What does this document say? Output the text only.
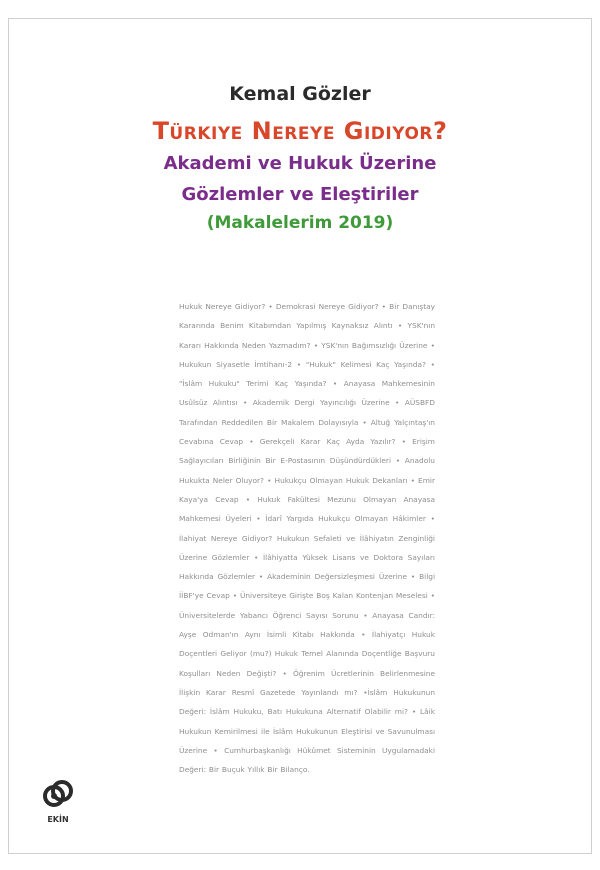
Kemal Gözler
Türkiye Nereye Gidiyor?
Akademi ve Hukuk Üzerine
Gözlemler ve Eleştiriler
(Makalelerim 2019)
Hukuk Nereye Gidiyor? • Demokrasi Nereye Gidiyor? • Bir Danıştay Kararında Benim Kitabımdan Yapılmış Kaynaksız Alıntı • YSK'nın Kararı Hakkında Neden Yazmadım? • YSK'nın Bağımsızlığı Üzerine • Hukukun Siyasetle İmtihanı-2 • "Hukuk" Kelimesi Kaç Yaşında? • "İslâm Hukuku" Terimi Kaç Yaşında? • Anayasa Mahkemesinin Usûlsüz Alıntısı • Akademik Dergi Yayıncılığı Üzerine • AÜSBFD Tarafından Reddedilen Bir Makalem Dolayısıyla • Altuğ Yalçıntaş'ın Cevabına Cevap • Gerekçeli Karar Kaç Ayda Yazılır? • Erişim Sağlayıcıları Birliğinin Bir E-Postasının Düşündürdükleri • Anadolu Hukukta Neler Oluyor? • Hukukçu Olmayan Hukuk Dekanları • Emir Kaya'ya Cevap • Hukuk Fakültesi Mezunu Olmayan Anayasa Mahkemesi Üyeleri • İdarî Yargıda Hukukçu Olmayan Hâkimler • İlahiyat Nereye Gidiyor? Hukukun Sefaleti ve İlâhiyatın Zenginliği Üzerine Gözlemler • İlâhiyatta Yüksek Lisans ve Doktora Sayıları Hakkında Gözlemler • Akademinin Değersizleşmesi Üzerine • Bilgi İİBF'ye Cevap • Üniversiteye Girişte Boş Kalan Kontenjan Meselesi • Üniversitelerde Yabancı Öğrenci Sayısı Sorunu • Anayasa Candır: Ayşe Odman'ın Aynı İsimli Kitabı Hakkında • İlahiyatçı Hukuk Doçentleri Geliyor (mu?) Hukuk Temel Alanında Doçentliğe Başvuru Koşulları Neden Değişti? • Öğrenim Ücretlerinin Belirlenmesine İlişkin Karar Resmî Gazetede Yayınlandı mı? •İslâm Hukukunun Değeri: İslâm Hukuku, Batı Hukukuna Alternatif Olabilir mi? • Lâik Hukukun Kemirilmesi ile İslâm Hukukunun Eleştirisi ve Savunulması Üzerine • Cumhurbaşkanlığı Hükûmet Sisteminin Uygulamadaki Değeri: Bir Buçuk Yıllık Bir Bilanço.
EKİN
